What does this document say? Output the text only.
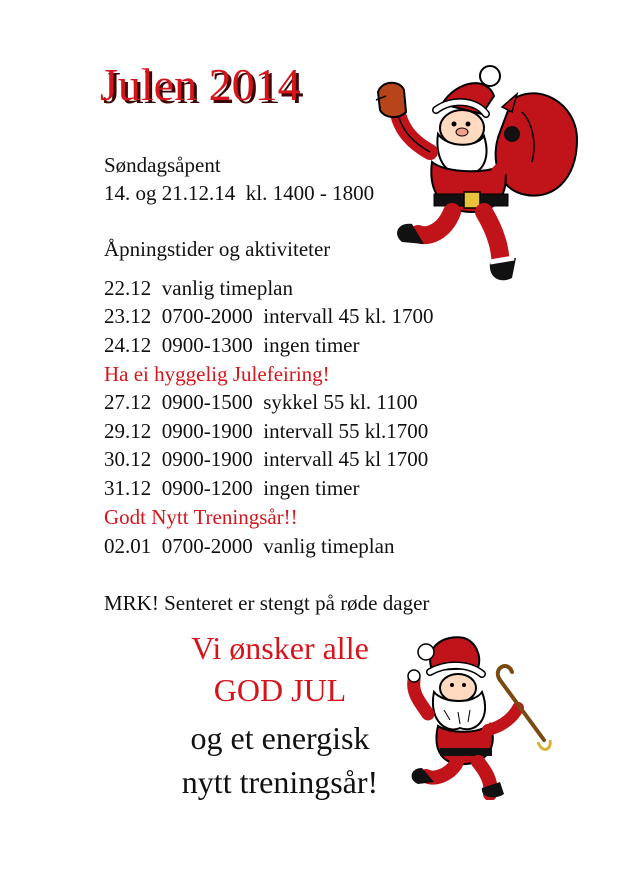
Julen 2014
Søndagsåpent
14. og 21.12.14  kl. 1400 - 1800
Åpningstider og aktiviteter
22.12  vanlig timeplan
23.12  0700-2000  intervall 45 kl. 1700
24.12  0900-1300  ingen timer
Ha ei hyggelig Julefeiring!
27.12  0900-1500  sykkel 55 kl. 1100
29.12  0900-1900  intervall 55 kl.1700
30.12  0900-1900  intervall 45 kl 1700
31.12  0900-1200  ingen timer
Godt Nytt Treningsår!!
02.01  0700-2000  vanlig timeplan
MRK! Senteret er stengt på røde dager
Vi ønsker alle
GOD JUL
og et energisk
nytt treningsår!
